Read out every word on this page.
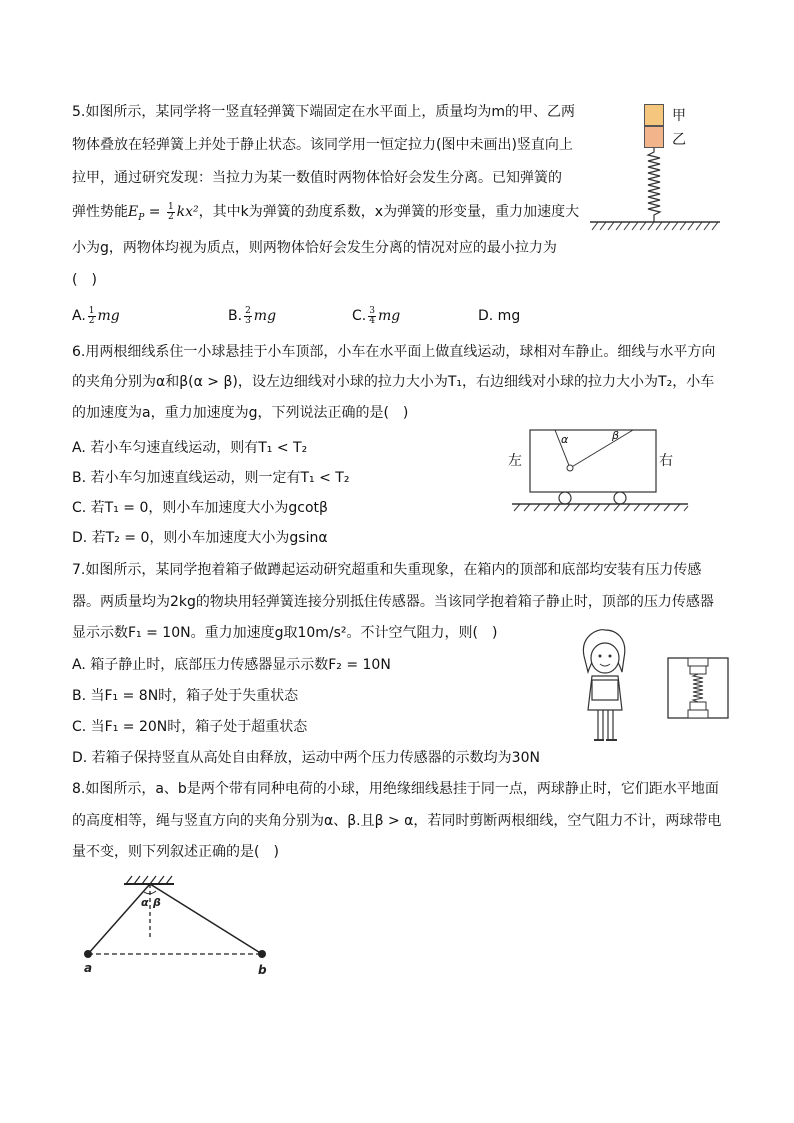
5.如图所示，某同学将一竖直轻弹簧下端固定在水平面上，质量均为m的甲、乙两
物体叠放在轻弹簧上并处于静止状态。该同学用一恒定拉力(图中未画出)竖直向上
拉甲，通过研究发现：当拉力为某一数值时两物体恰好会发生分离。已知弹簧的
弹性势能$E_P = \frac{1}{2} kx^2$，其中k为弹簧的劲度系数，x为弹簧的形变量，重力加速度大
小为g，两物体均视为质点，则两物体恰好会发生分离的情况对应的最小拉力为
(　)
A. $\frac{1}{2}$ mg	B. $\frac{2}{3}$ mg	C. $\frac{3}{4}$ mg	D. mg
甲
乙
6.用两根细线系住一小球悬挂于小车顶部，小车在水平面上做直线运动，球相对车静止。细线与水平方向
的夹角分别为α和β(α > β)，设左边细线对小球的拉力大小为T₁，右边细线对小球的拉力大小为T₂，小车
的加速度为a，重力加速度为g，下列说法正确的是(　)
A. 若小车匀速直线运动，则有T₁ < T₂
B. 若小车匀加速直线运动，则一定有T₁ < T₂
C. 若T₁ = 0，则小车加速度大小为gcotβ
D. 若T₂ = 0，则小车加速度大小为gsinα
左	右
α	β
7.如图所示，某同学抱着箱子做蹲起运动研究超重和失重现象，在箱内的顶部和底部均安装有压力传感
器。两质量均为2kg的物块用轻弹簧连接分别抵住传感器。当该同学抱着箱子静止时，顶部的压力传感器
显示示数F₁ = 10N。重力加速度g取10m/s²。不计空气阻力，则(　)
A. 箱子静止时，底部压力传感器显示示数F₂ = 10N
B. 当F₁ = 8N时，箱子处于失重状态
C. 当F₁ = 20N时，箱子处于超重状态
D. 若箱子保持竖直从高处自由释放，运动中两个压力传感器的示数均为30N
8.如图所示，a、b是两个带有同种电荷的小球，用绝缘细线悬挂于同一点，两球静止时，它们距水平地面
的高度相等，绳与竖直方向的夹角分别为α、β.且β > α，若同时剪断两根细线，空气阻力不计，两球带电
量不变，则下列叙述正确的是(　)
α β
a	b
